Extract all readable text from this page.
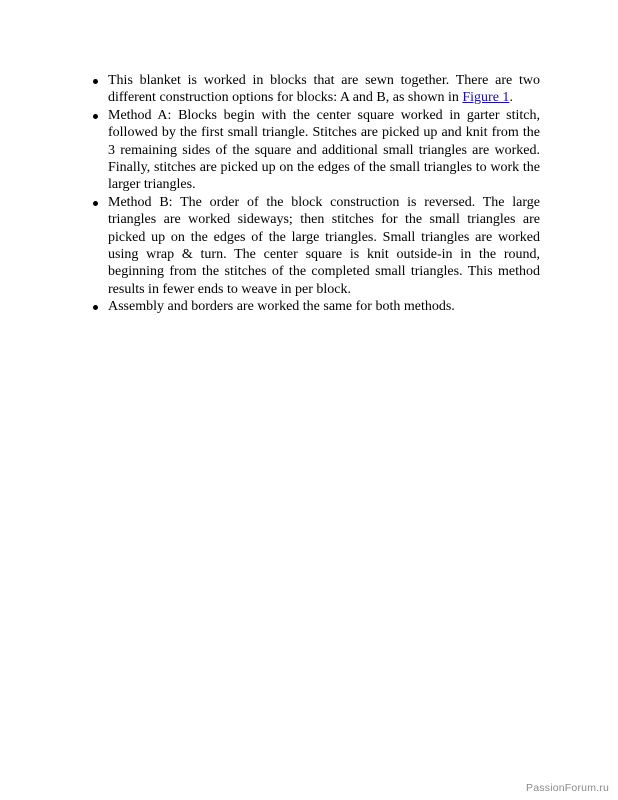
This blanket is worked in blocks that are sewn together. There are two different construction options for blocks: A and B, as shown in Figure 1.
Method A: Blocks begin with the center square worked in garter stitch, followed by the first small triangle. Stitches are picked up and knit from the 3 remaining sides of the square and additional small triangles are worked. Finally, stitches are picked up on the edges of the small triangles to work the larger triangles.
Method B: The order of the block construction is reversed. The large triangles are worked sideways; then stitches for the small triangles are picked up on the edges of the large triangles. Small triangles are worked using wrap & turn. The center square is knit outside-in in the round, beginning from the stitches of the completed small triangles. This method results in fewer ends to weave in per block.
Assembly and borders are worked the same for both methods.
PassionForum.ru
